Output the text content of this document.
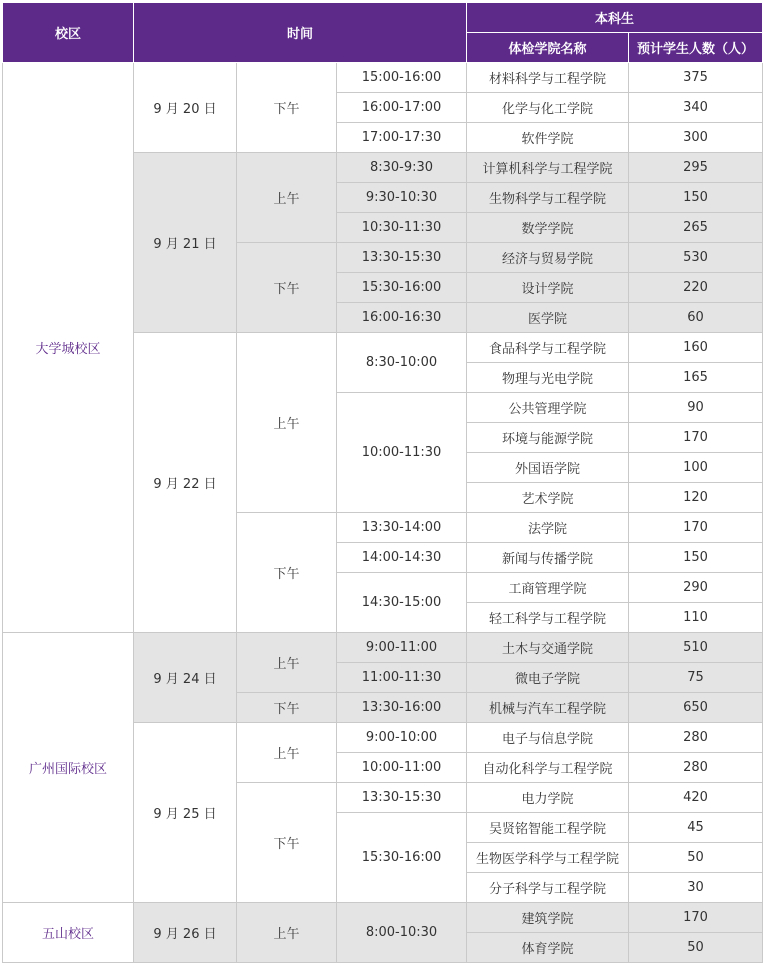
校区	时间			本科生	
				体检学院名称	预计学生人数（人）
大学城校区	9 月 20 日	下午	15:00-16:00	材料科学与工程学院	375
			16:00-17:00	化学与化工学院	340
			17:00-17:30	软件学院	300
	9 月 21 日	上午	8:30-9:30	计算机科学与工程学院	295
			9:30-10:30	生物科学与工程学院	150
			10:30-11:30	数学学院	265
		下午	13:30-15:30	经济与贸易学院	530
			15:30-16:00	设计学院	220
			16:00-16:30	医学院	60
	9 月 22 日	上午	8:30-10:00	食品科学与工程学院	160
				物理与光电学院	165
			10:00-11:30	公共管理学院	90
				环境与能源学院	170
				外国语学院	100
				艺术学院	120
		下午	13:30-14:00	法学院	170
			14:00-14:30	新闻与传播学院	150
			14:30-15:00	工商管理学院	290
				轻工科学与工程学院	110
广州国际校区	9 月 24 日	上午	9:00-11:00	土木与交通学院	510
			11:00-11:30	微电子学院	75
		下午	13:30-16:00	机械与汽车工程学院	650
	9 月 25 日	上午	9:00-10:00	电子与信息学院	280
			10:00-11:00	自动化科学与工程学院	280
		下午	13:30-15:30	电力学院	420
			15:30-16:00	吴贤铭智能工程学院	45
				生物医学科学与工程学院	50
				分子科学与工程学院	30
五山校区	9 月 26 日	上午	8:00-10:30	建筑学院	170
				体育学院	50
